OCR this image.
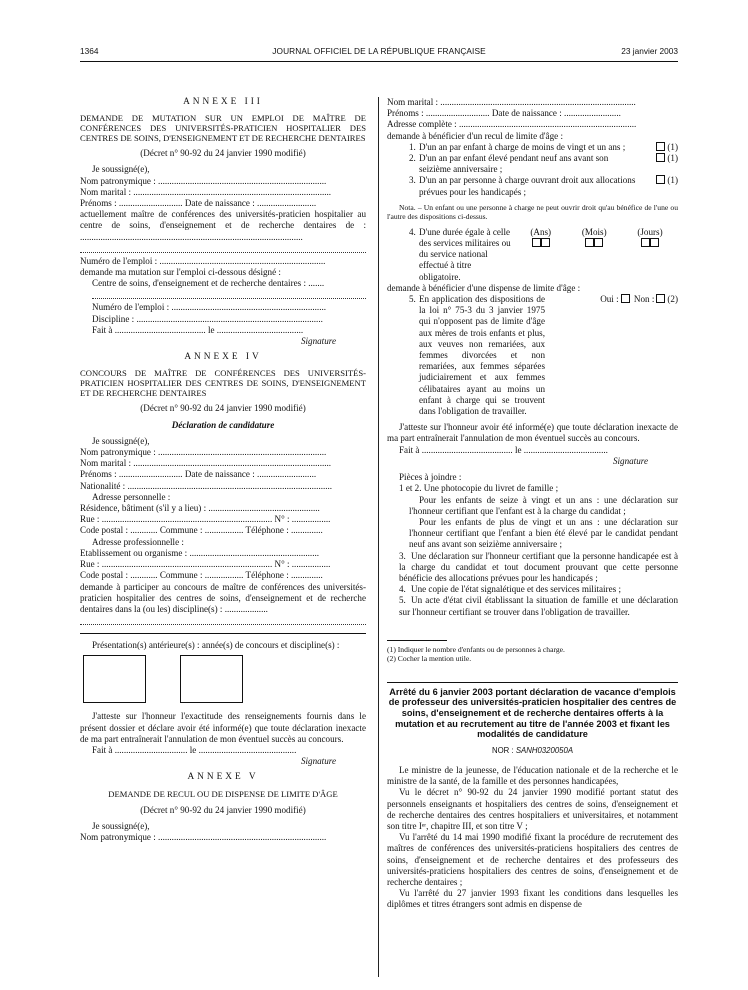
1364	JOURNAL OFFICIEL DE LA RÉPUBLIQUE FRANÇAISE	23 janvier 2003

ANNEXE III

DEMANDE DE MUTATION SUR UN EMPLOI DE MAÎTRE DE CONFÉRENCES DES UNIVERSITÉS-PRATICIEN HOSPITALIER DES CENTRES DE SOINS, D'ENSEIGNEMENT ET DE RECHERCHE DENTAIRES

(Décret n° 90-92 du 24 janvier 1990 modifié)

Je soussigné(e),

Nom patronymique : ..........................................................................

Nom marital : .......................................................................................

Prénoms : ............................ Date de naissance : ..........................

actuellement maître de conférences des universités-praticien hospitalier au centre de soins, d'enseignement et de recherche dentaires de : ..................................................................................................

Numéro de l'emploi : .........................................................................

demande ma mutation sur l'emploi ci-dessous désigné :

Centre de soins, d'enseignement et de recherche dentaires : .......

Numéro de l'emploi : ....................................................................

Discipline : ..................................................................................

Fait à ........................................ le ......................................

Signature

ANNEXE IV

CONCOURS DE MAÎTRE DE CONFÉRENCES DES UNIVERSITÉS-PRATICIEN HOSPITALIER DES CENTRES DE SOINS, D'ENSEIGNEMENT ET DE RECHERCHE DENTAIRES

(Décret n° 90-92 du 24 janvier 1990 modifié)

Déclaration de candidature

Je soussigné(e),

Nom patronymique : ..........................................................................

Nom marital : .......................................................................................

Prénoms : ............................ Date de naissance : ..........................

Nationalité : ..........................................................................................

Adresse personnelle :

Résidence, bâtiment (s'il y a lieu) : .................................................

Rue : ........................................................................... N° : .................

Code postal : ............ Commune : ................. Téléphone : ..............

Adresse professionnelle :

Etablissement ou organisme : .........................................................

Rue : ........................................................................... N° : .................

Code postal : ............ Commune : ................. Téléphone : ..............

demande à participer au concours de maître de conférences des universités-praticien hospitalier des centres de soins, d'enseignement et de recherche dentaires dans la (ou les) discipline(s) : ...................

Présentation(s) antérieure(s) : année(s) de concours et discipline(s) :

J'atteste sur l'honneur l'exactitude des renseignements fournis dans le présent dossier et déclare avoir été informé(e) que toute déclaration inexacte de ma part entraînerait l'annulation de mon éventuel succès au concours.

Fait à ................................ le ...........................................

Signature

ANNEXE V

DEMANDE DE RECUL OU DE DISPENSE DE LIMITE D'ÂGE

(Décret n° 90-92 du 24 janvier 1990 modifié)

Je soussigné(e),

Nom patronymique : ..........................................................................

Nom marital : ......................................................................................

Prénoms : ............................ Date de naissance : .........................

Adresse complète : ..............................................................................

demande à bénéficier d'un recul de limite d'âge :

1. D'un an par enfant à charge de moins de vingt et un ans ;	(1)
2. D'un an par enfant élevé pendant neuf ans avant son seizième anniversaire ;
(1)
3. D'un an par personne à charge ouvrant droit aux allocations prévues pour les handicapés ;
(1)

Nota. – Un enfant ou une personne à charge ne peut ouvrir droit qu'au bénéfice de l'une ou l'autre des dispositions ci-dessus.

4. D'une durée égale à celle des services militaires ou du service national effectué à titre obligatoire.
(Ans)	(Mois)	(Jours)

demande à bénéficier d'une dispense de limite d'âge :

5. En application des dispositions de la loi n° 75-3 du 3 janvier 1975 qui n'opposent pas de limite d'âge aux mères de trois enfants et plus, aux veuves non remariées, aux femmes divorcées et non remariées, aux femmes séparées judiciairement et aux femmes célibataires ayant au moins un enfant à charge qui se trouvent dans l'obligation de travailler.
Oui : Non : (2)

J'atteste sur l'honneur avoir été informé(e) que toute déclaration inexacte de ma part entraînerait l'annulation de mon éventuel succès au concours.

Fait à ........................................ le .....................................

Signature

Pièces à joindre :

1 et 2. Une photocopie du livret de famille ;

Pour les enfants de seize à vingt et un ans : une déclaration sur l'honneur certifiant que l'enfant est à la charge du candidat ;

Pour les enfants de plus de vingt et un ans : une déclaration sur l'honneur certifiant que l'enfant a bien été élevé par le candidat pendant neuf ans avant son seizième anniversaire ;

3. Une déclaration sur l'honneur certifiant que la personne handicapée est à la charge du candidat et tout document prouvant que cette personne bénéficie des allocations prévues pour les handicapés ;
4. Une copie de l'état signalétique et des services militaires ;
5. Un acte d'état civil établissant la situation de famille et une déclaration sur l'honneur certifiant se trouver dans l'obligation de travailler.

(1) Indiquer le nombre d'enfants ou de personnes à charge.

(2) Cocher la mention utile.

Arrêté du 6 janvier 2003 portant déclaration de vacance d'emplois de professeur des universités-praticien hospitalier des centres de soins, d'enseignement et de recherche dentaires offerts à la mutation et au recrutement au titre de l'année 2003 et fixant les modalités de candidature

NOR : SANH0320050A

Le ministre de la jeunesse, de l'éducation nationale et de la recherche et le ministre de la santé, de la famille et des personnes handicapées,

Vu le décret n° 90-92 du 24 janvier 1990 modifié portant statut des personnels enseignants et hospitaliers des centres de soins, d'enseignement et de recherche dentaires des centres hospitaliers et universitaires, et notamment son titre Iᵉʳ, chapitre III, et son titre V ;

Vu l'arrêté du 14 mai 1990 modifié fixant la procédure de recrutement des maîtres de conférences des universités-praticiens hospitaliers des centres de soins, d'enseignement et de recherche dentaires et des professeurs des universités-praticiens hospitaliers des centres de soins, d'enseignement et de recherche dentaires ;

Vu l'arrêté du 27 janvier 1993 fixant les conditions dans lesquelles les diplômes et titres étrangers sont admis en dispense de
